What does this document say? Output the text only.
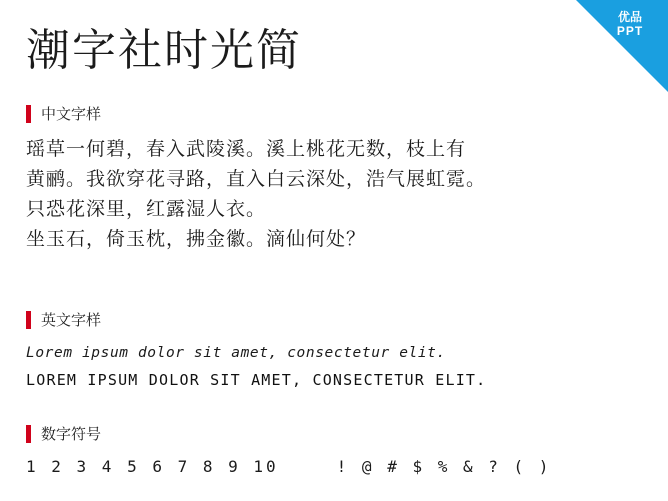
优品
PPT
潮字社时光简
中文字样
瑶草一何碧，春入武陵溪。溪上桃花无数，枝上有
黄鹂。我欲穿花寻路，直入白云深处，浩气展虹霓。
只恐花深里，红露湿人衣。
坐玉石，倚玉枕，拂金徽。滴仙何处？
英文字样
Lorem ipsum dolor sit amet, consectetur elit.
LOREM IPSUM DOLOR SIT AMET, CONSECTETUR ELIT.
数字符号
1 2 3 4 5 6 7 8 9 10	! @ # $ % & ? ( )
